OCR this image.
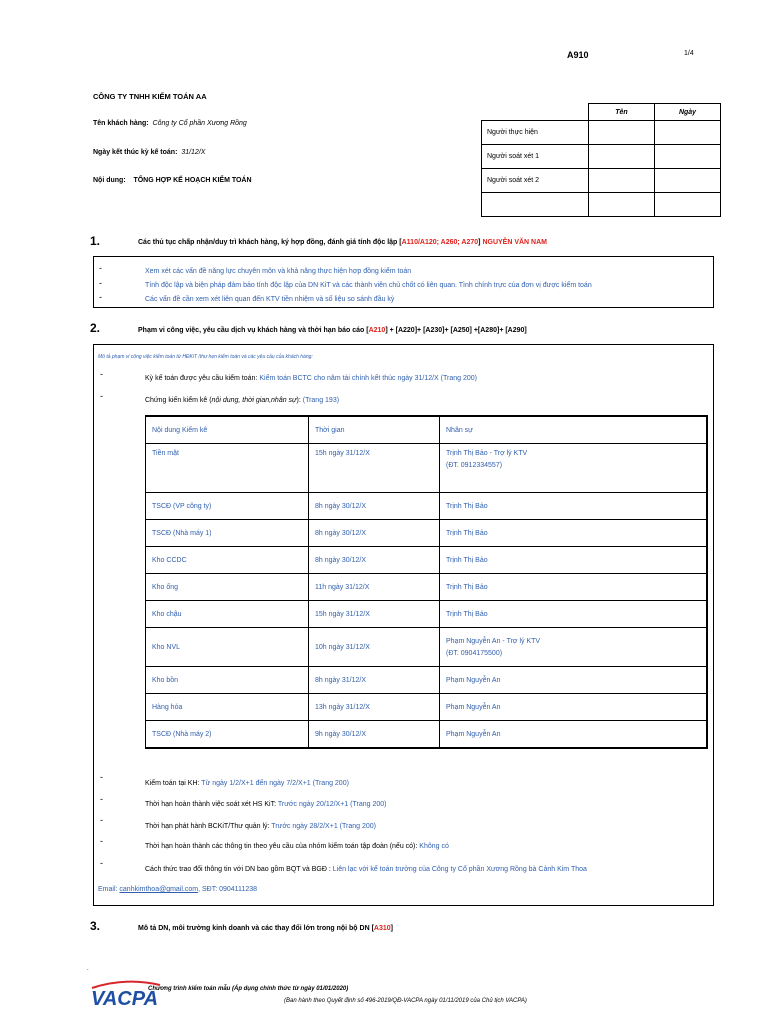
A910	1/4
CÔNG TY TNHH KIỂM TOÁN AA
Tên khách hàng: Công ty Cổ phần Xương Rồng
Ngày kết thúc kỳ kế toán: 31/12/X
Nội dung: TỔNG HỢP KẾ HOẠCH KIỂM TOÁN
	Tên	Ngày
Người thực hiện		
Người soát xét 1		
Người soát xét 2		

1.	Các thủ tục chấp nhận/duy trì khách hàng, ký hợp đồng, đánh giá tính độc lập [A110/A120; A260; A270] NGUYỄN VĂN NAM
-	Xem xét các vấn đề năng lực chuyên môn và khả năng thực hiện hợp đồng kiểm toán
-	Tính độc lập và biện pháp đảm bảo tính độc lập của DN KiT và các thành viên chủ chốt có liên quan. Tình chính trực của đơn vị được kiểm toán
-	Các vấn đề cần xem xét liên quan đến KTV tiền nhiệm và số liệu so sánh đầu kỳ
2.	Phạm vi công việc, yêu cầu dịch vụ khách hàng và thời hạn báo cáo [A210] + [A220]+ [A230]+ [A250] +[A280]+ [A290]
Mô tả phạm vi công việc kiểm toán từ HĐKiT /thư hẹn kiểm toán và các yêu cầu của khách hàng:
-	Kỳ kế toán được yêu cầu kiểm toán: Kiểm toán BCTC cho năm tài chính kết thúc ngày 31/12/X (Trang 200)
-	Chứng kiến kiểm kê (nội dung, thời gian,nhân sự): (Trang 193)
-
Kiểm toán tại KH: Từ ngày 1/2/X+1 đến ngày 7/2/X+1 (Trang 200)
-
Thời hạn hoàn thành việc soát xét HS KiT: Trước ngày 20/12/X+1 (Trang 200)
-
Thời hạn phát hành BCKiT/Thư quản lý: Trước ngày 28/2/X+1 (Trang 200)
-
Thời hạn hoàn thành các thông tin theo yêu cầu của nhóm kiểm toán tập đoàn (nếu có): Không có
-
Cách thức trao đổi thông tin với DN bao gồm BQT và BGĐ : Liên lạc với kế toán trưởng của Công ty Cổ phần Xương Rồng bà Cảnh Kim Thoa
Email: canhkimthoa@gmail.com, SĐT: 0904111238
Nội dung Kiểm kê	Thời gian	Nhân sự
Tiền mặt	15h ngày 31/12/X	Trịnh Thị Bảo - Trợ lý KTV
(ĐT. 0912334557)

TSCĐ (VP công ty)	8h ngày 30/12/X	Trịnh Thị Bảo
TSCĐ (Nhà máy 1)	8h ngày 30/12/X	Trịnh Thị Bảo
Kho CCDC	8h ngày 30/12/X	Trịnh Thị Bảo
Kho ống	11h ngày 31/12/X	Trịnh Thị Bảo
Kho chậu	15h ngày 31/12/X	Trịnh Thị Bảo
Kho NVL	10h ngày 31/12/X	Phạm Nguyễn An - Trợ lý KTV
(ĐT. 0904175500)

Kho bồn	8h ngày 31/12/X	Phạm Nguyễn An
Hàng hóa	13h ngày 31/12/X	Phạm Nguyễn An
TSCĐ (Nhà máy 2)	9h ngày 30/12/X	Phạm Nguyễn An
3.	Mô tả DN, môi trường kinh doanh và các thay đổi lớn trong nội bộ DN [A310]
.
VACPA
Chương trình kiểm toán mẫu (Áp dụng chính thức từ ngày 01/01/2020)
(Ban hành theo Quyết định số 496-2019/QĐ-VACPA ngày 01/11/2019 của Chủ tịch VACPA)
